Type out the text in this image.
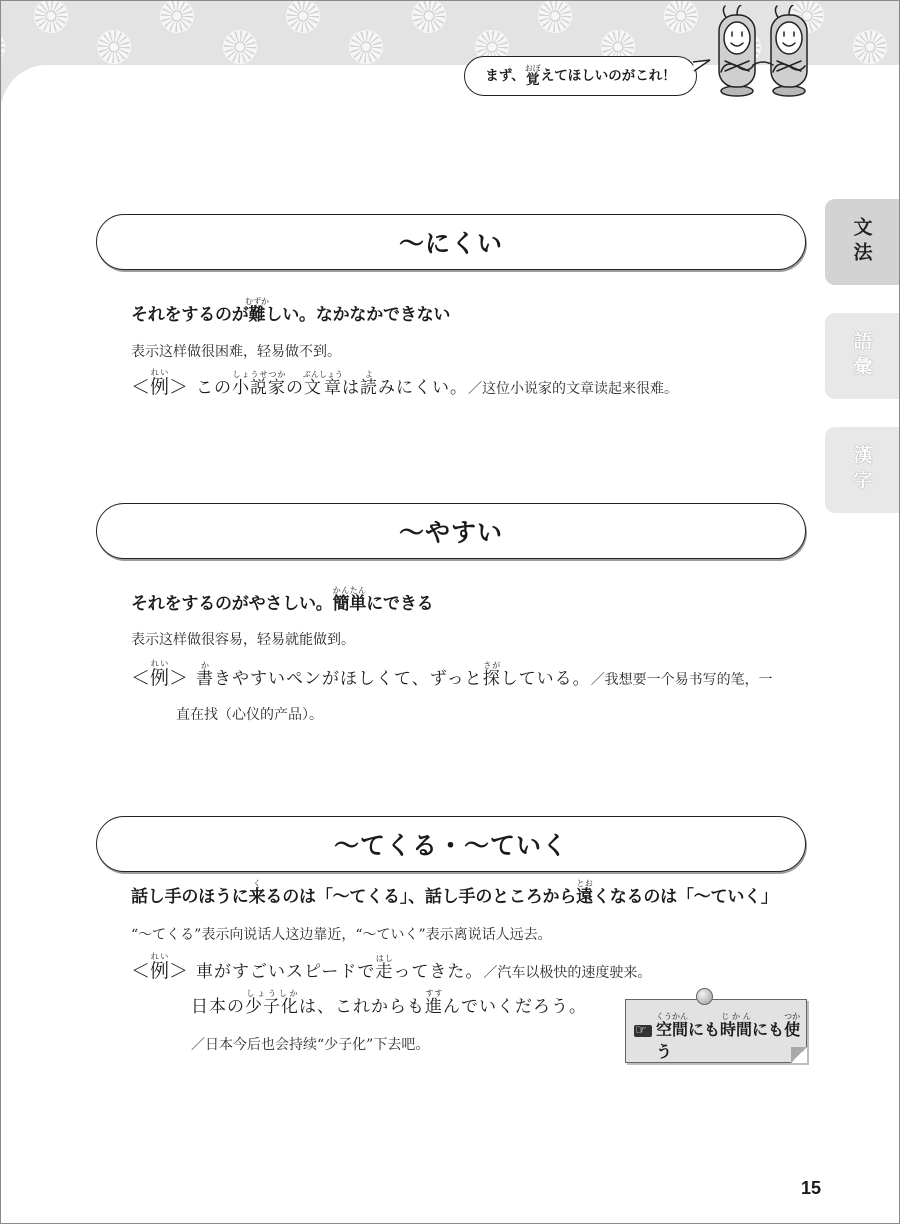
まず、 覚おぼ えてほしいのがこれ！
文法
語彙
漢字
～にくい
それをするのが難むずかしい。なかなかできない
表示这样做很困难，轻易做不到。
＜例れい＞ この小説家しょうせつかの文章ぶんしょうは読よみにくい。／这位小说家的文章读起来很难。
～やすい
それをするのがやさしい。簡単かんたんにできる
表示这样做很容易，轻易就能做到。
＜例れい＞ 書かきやすいペンがほしくて、ずっと探さがしている。／我想要一个易书写的笔，一
直在找（心仪的产品）。
～てくる・～ていく
話し手のほうに来くるのは「～てくる」、話し手のところから遠とおくなるのは「～ていく」
“～てくる”表示向说话人这边靠近，“～ていく”表示离说话人远去。
＜例れい＞ 車がすごいスピードで走はしってきた。／汽车以极快的速度驶来。
日本の少子化しょうしかは、これからも進すすんでいくだろう。
／日本今后也会持续“少子化”下去吧。
☞空間くうかんにも時間じかんにも使つか
う
15
